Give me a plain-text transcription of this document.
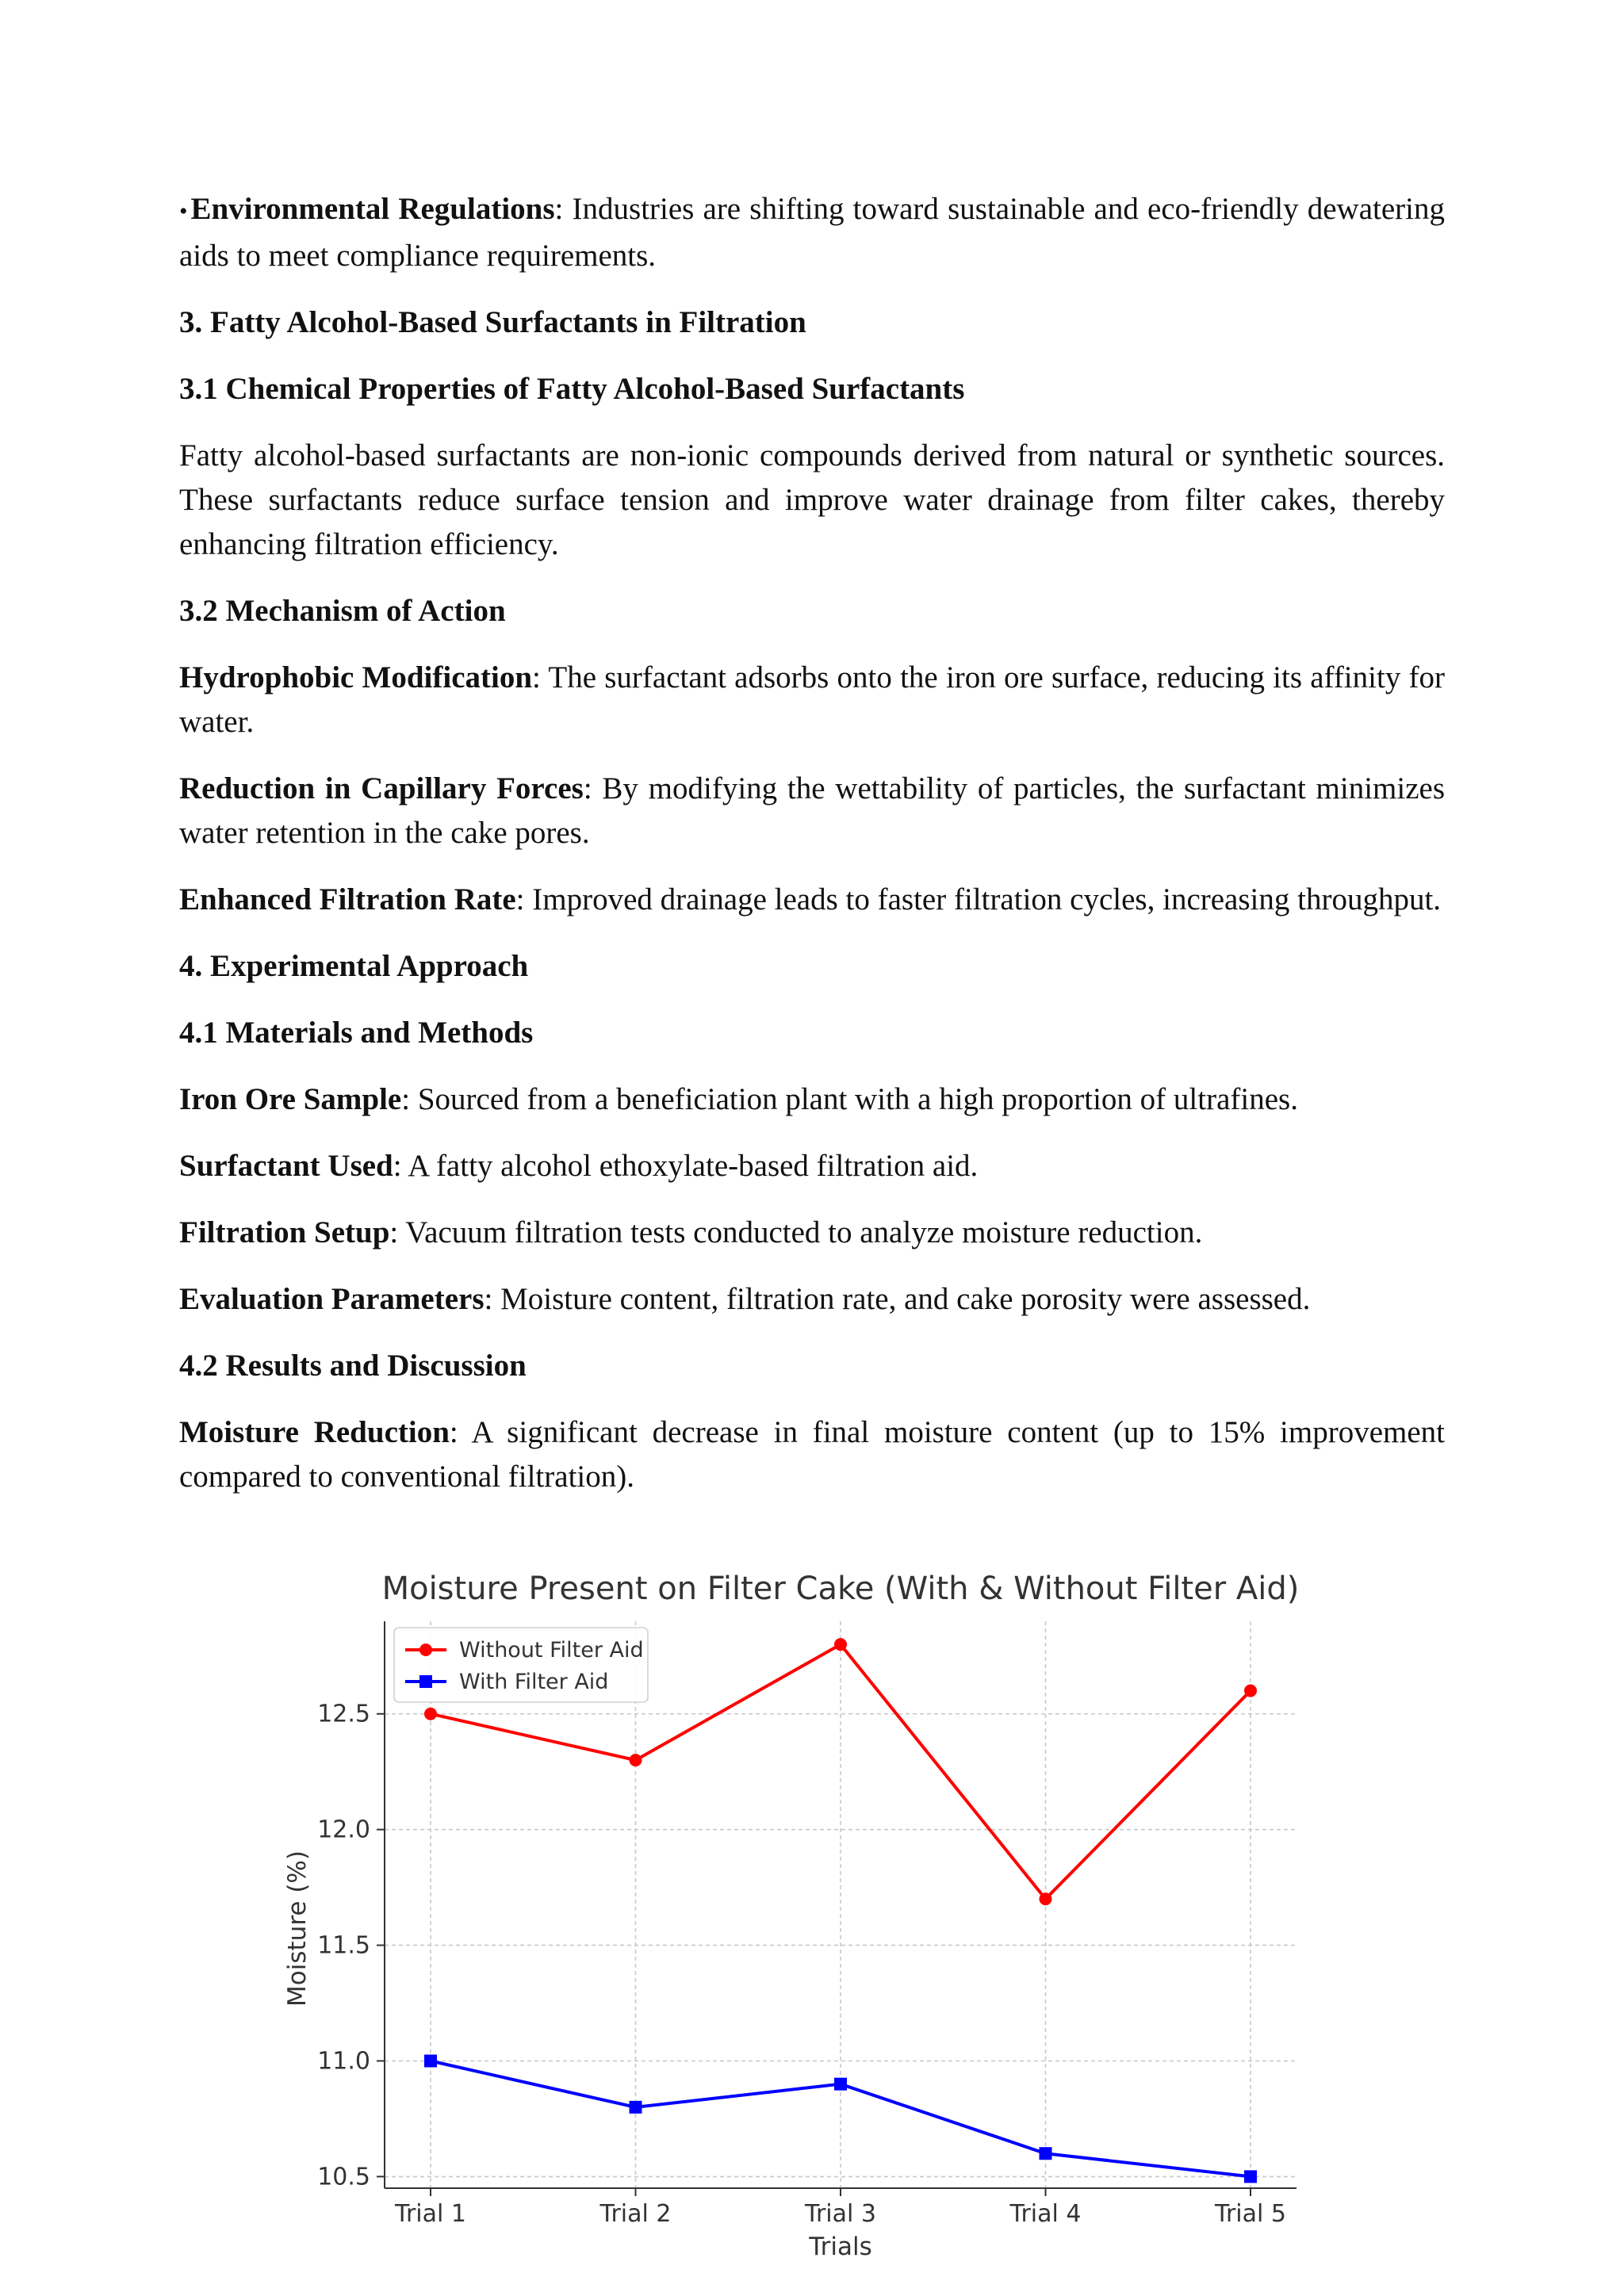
• Environmental Regulations: Industries are shifting toward sustainable and eco-friendly dewatering aids to meet compliance requirements.

3. Fatty Alcohol-Based Surfactants in Filtration

3.1 Chemical Properties of Fatty Alcohol-Based Surfactants

Fatty alcohol-based surfactants are non-ionic compounds derived from natural or synthetic sources. These surfactants reduce surface tension and improve water drainage from filter cakes, thereby enhancing filtration efficiency.

3.2 Mechanism of Action

Hydrophobic Modification: The surfactant adsorbs onto the iron ore surface, reducing its affinity for water.

Reduction in Capillary Forces: By modifying the wettability of particles, the surfactant minimizes water retention in the cake pores.

Enhanced Filtration Rate: Improved drainage leads to faster filtration cycles, increasing throughput.

4. Experimental Approach

4.1 Materials and Methods

Iron Ore Sample: Sourced from a beneficiation plant with a high proportion of ultrafines.

Surfactant Used: A fatty alcohol ethoxylate-based filtration aid.

Filtration Setup: Vacuum filtration tests conducted to analyze moisture reduction.

Evaluation Parameters: Moisture content, filtration rate, and cake porosity were assessed.

4.2 Results and Discussion

Moisture Reduction: A significant decrease in final moisture content (up to 15% improvement compared to conventional filtration).

10.5
11.0
11.5
12.0
12.5
Trial 1	Trial 2	Trial 3	Trial 4	Trial 5
Trials
Moisture (%)
Moisture Present on Filter Cake (With & Without Filter Aid)
Without Filter Aid
With Filter Aid
